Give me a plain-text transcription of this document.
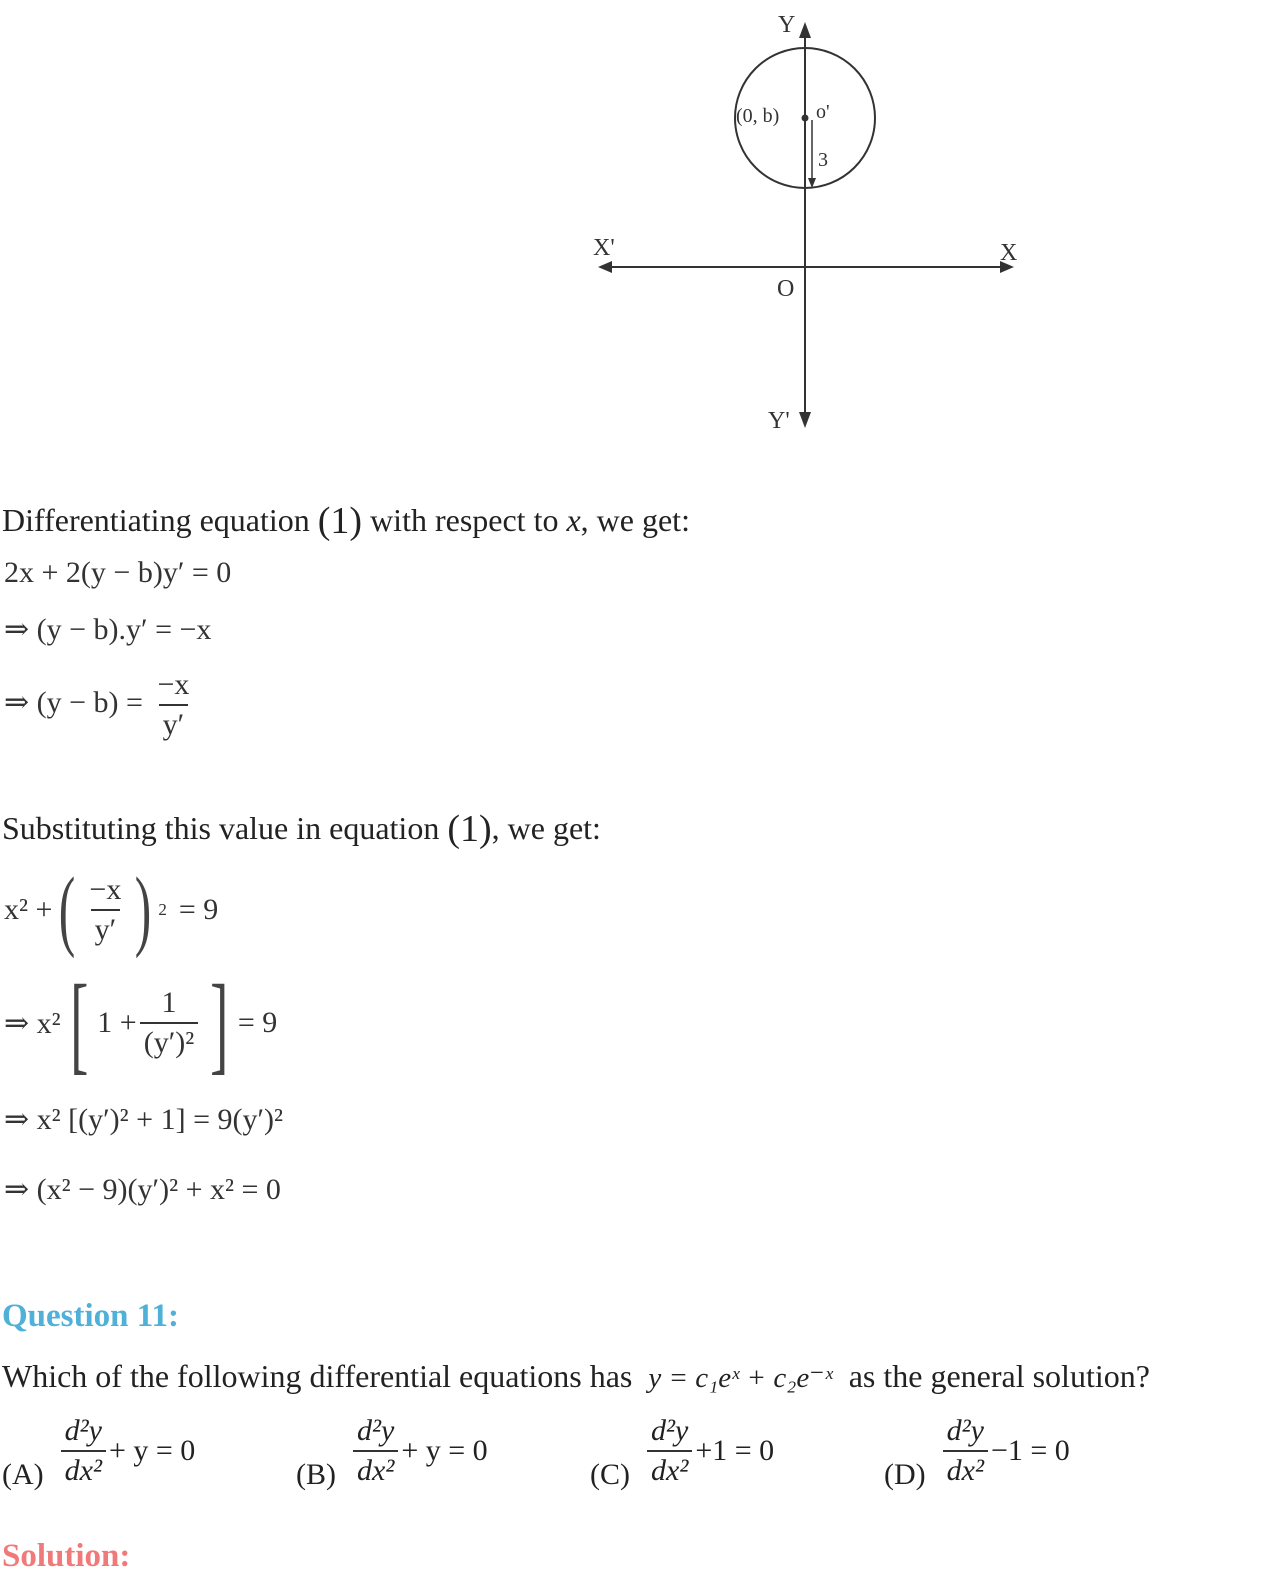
Y
Y'
X
X'
O
(0, b) o'
3
Differentiating equation (1) with respect to x, we get:
2x + 2(y − b)y′ = 0
⇒ (y − b).y′ = −x
⇒ $(y - b) = \frac{-x}{y'}$
Substituting this value in equation (1), we get:
x² + ( $\frac{-x}{y'}$ ) 2 = 9
⇒ x² [ $1 + \frac{1}{\text{(y′)²}}$ ] = 9
⇒ x² [(y′)² + 1] = 9(y′)²
⇒ (x² − 9)(y′)² + x² = 0
Question 11:
Which of the following differential equations has y = c₁eˣ + c₂e⁻ˣ as the general solution?
$(A) \frac{\text{d²y}}{\text{dx²}} + y = 0$
$(B) \frac{\text{d²y}}{\text{dx²}} + y = 0$
$(C) \frac{\text{d²y}}{\text{dx²}} +1 = 0$
$(D) \frac{\text{d²y}}{\text{dx²}} -1 = 0$
Solution:
